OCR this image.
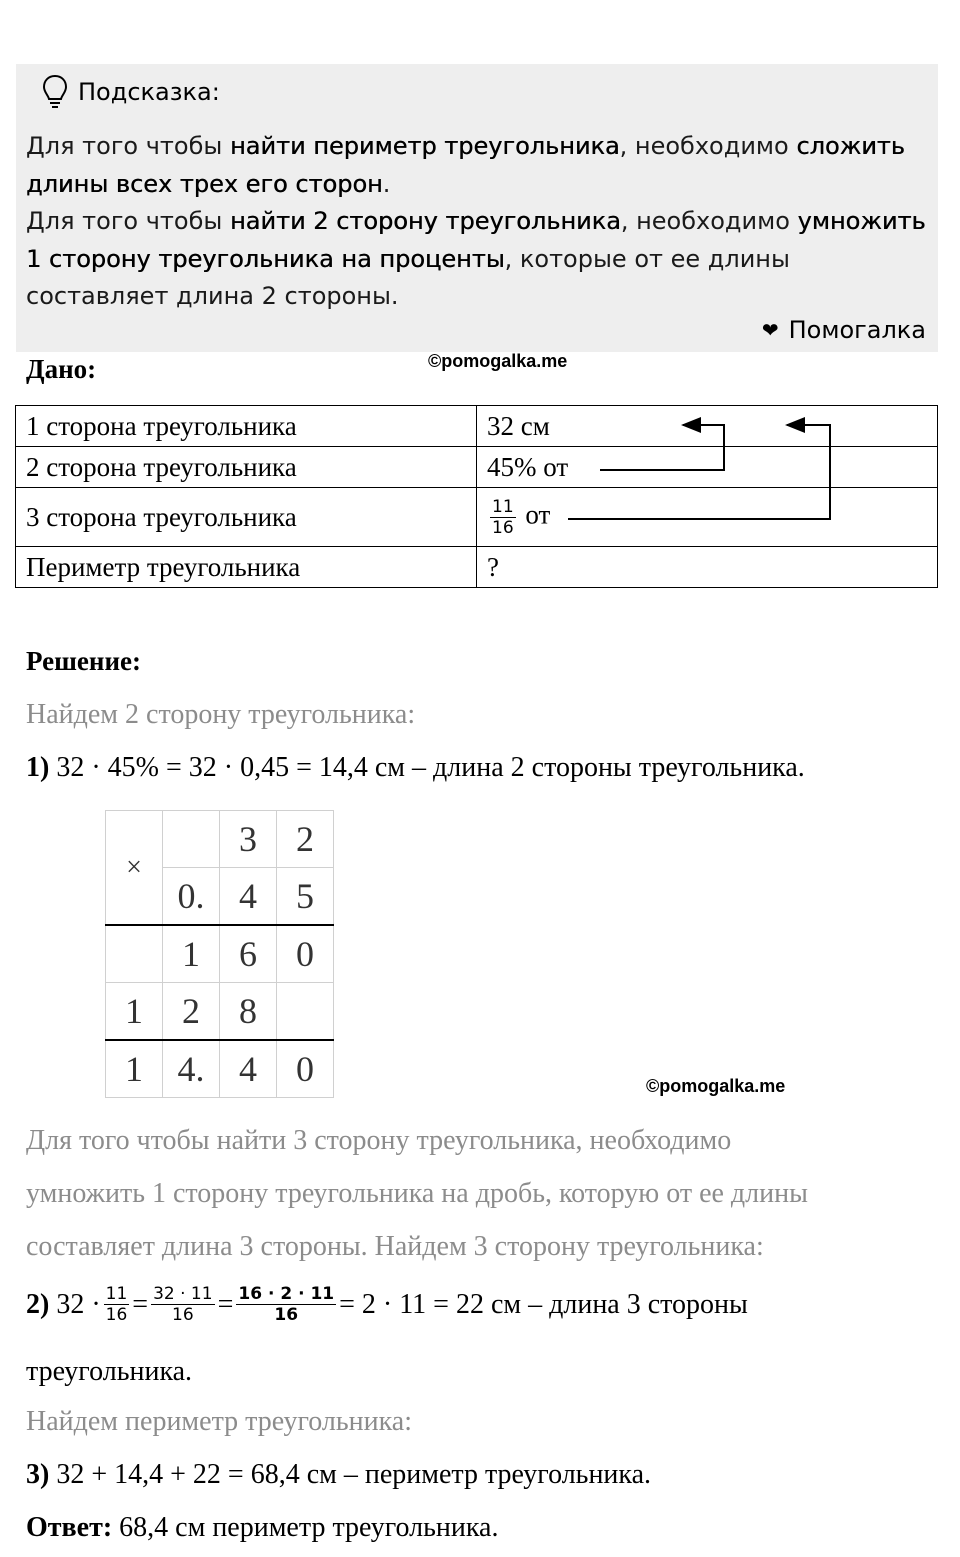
Подсказка:
Для того чтобы найти периметр треугольника, необходимо сложить длины всех трех его сторон.
Для того чтобы найти 2 сторону треугольника, необходимо умножить 1 сторону треугольника на проценты, которые от ее длины составляет длина 2 стороны.
❤ Помогалка
Дано:	©pomogalka.me
1 сторона треугольника	32 см
2 сторона треугольника	45% от
3 сторона треугольника	$\frac{11}{16}$ от
Периметр треугольника	?
Решение:
Найдем 2 сторону треугольника:
1) 32 · 45% = 32 · 0,45 = 14,4 см – длина 2 стороны треугольника.
×		3	2
	0.	4	5
	1	6	0
1	2	8	
1	4.	4	0	©pomogalka.me
Для того чтобы найти 3 сторону треугольника, необходимо
умножить 1 сторону треугольника на дробь, которую от ее длины
составляет длина 3 стороны. Найдем 3 сторону треугольника:
2)
$32 \cdot \frac{11}{16} = \frac{32 \cdot 11}{16} = \frac{16 \cdot 2 \cdot 11}{16} = 2 \cdot 11 = 22$ см – длина 3 стороны
треугольника.
Найдем периметр треугольника:
3) 32 + 14,4 + 22 = 68,4 см – периметр треугольника.
Ответ: 68,4 см периметр треугольника.
